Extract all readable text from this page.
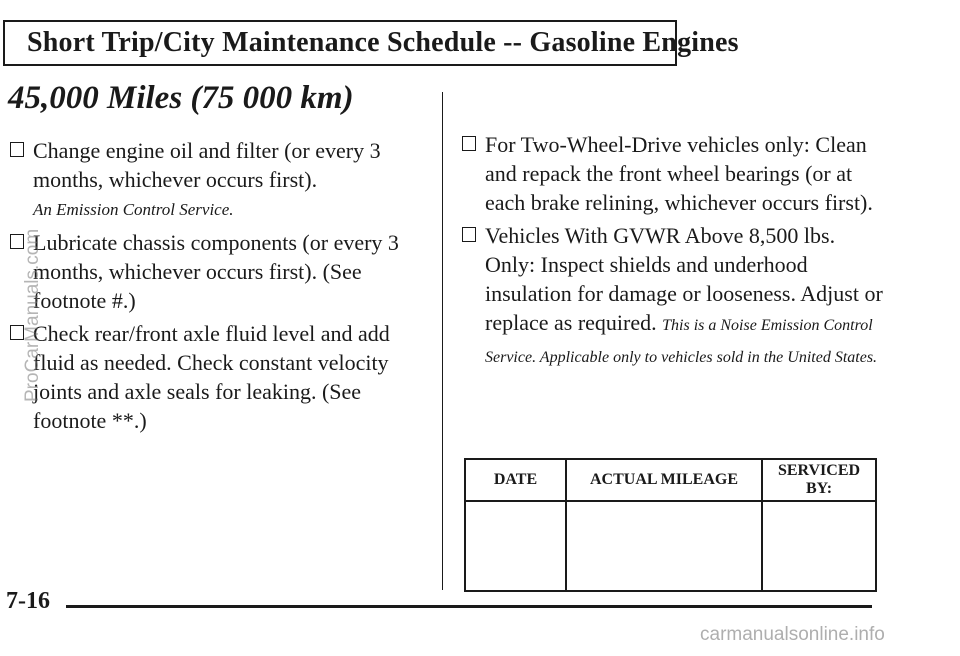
Short Trip/City Maintenance Schedule -- Gasoline Engines
45,000 Miles (75 000 km)
Change engine oil and filter (or every 3 months, whichever occurs first).
An Emission Control Service.
Lubricate chassis components (or every 3 months, whichever occurs first). (See footnote #.)
Check rear/front axle fluid level and add fluid as needed. Check constant velocity joints and axle seals for leaking. (See footnote **.)
For Two-Wheel-Drive vehicles only: Clean and repack the front wheel bearings (or at each brake relining, whichever occurs first).
Vehicles With GVWR Above 8,500 lbs. Only: Inspect shields and underhood insulation for damage or looseness. Adjust or replace as required. This is a Noise Emission Control Service. Applicable only to vehicles sold in the United States.
DATE	ACTUAL MILEAGE	SERVICED BY:

7-16
ProCarManuals.com
carmanualsonline.info
